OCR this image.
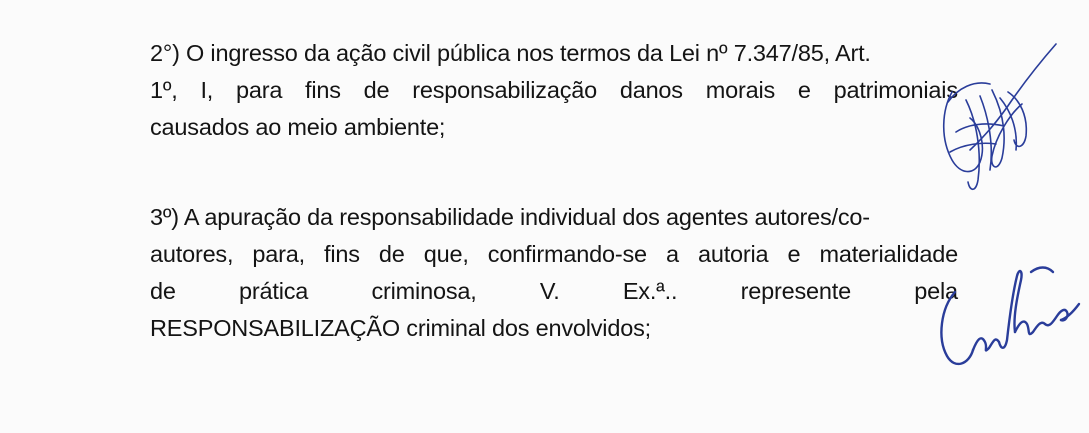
2°) O ingresso da ação civil pública nos termos da Lei nº 7.347/85, Art.
1º, I, para fins de responsabilização danos morais e patrimoniais
causados ao meio ambiente;
3º) A apuração da responsabilidade individual dos agentes autores/co-
autores, para, fins de que, confirmando-se a autoria e materialidade
de	prática	criminosa,	V.	Ex.ª..	represente	pela
RESPONSABILIZAÇÃO criminal dos envolvidos;
